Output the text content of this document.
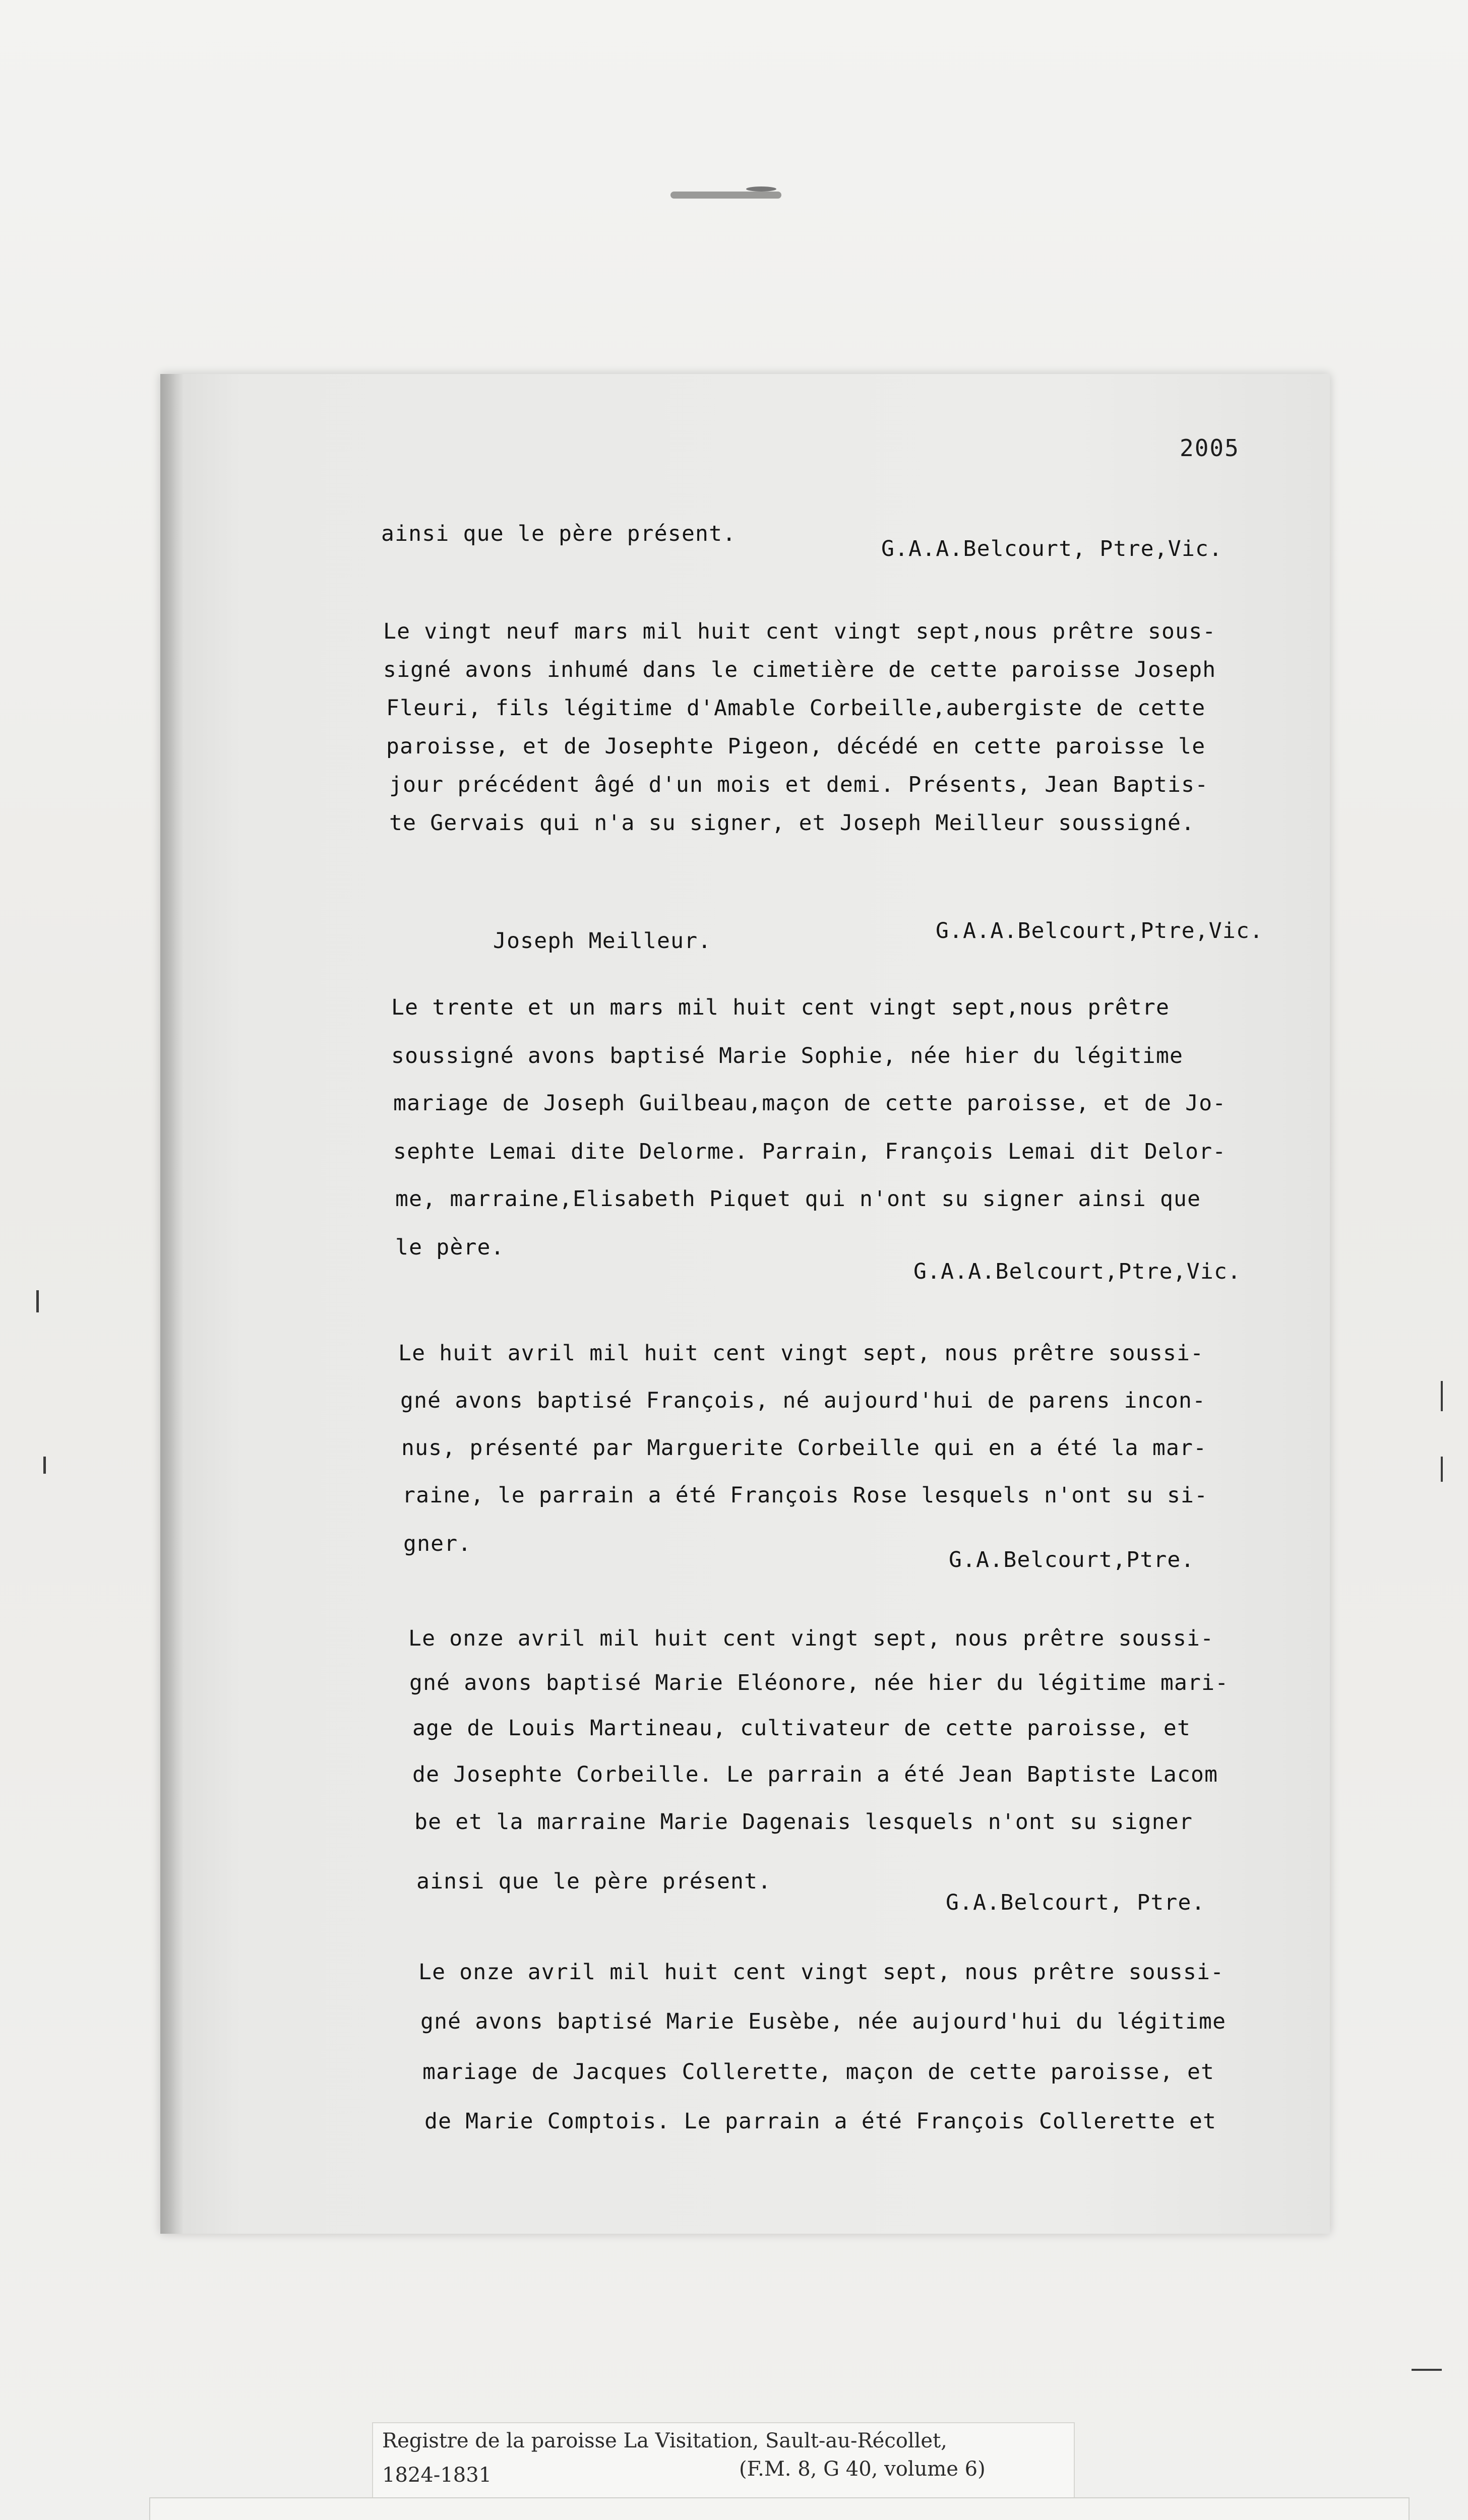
2005
ainsi que le père présent.
G.A.A.Belcourt, Ptre,Vic.
Le vingt neuf mars mil huit cent vingt sept,nous prêtre sous-
signé avons inhumé dans le cimetière de cette paroisse Joseph
Fleuri, fils légitime d'Amable Corbeille,aubergiste de cette
paroisse, et de Josephte Pigeon, décédé en cette paroisse le
jour précédent âgé d'un mois et demi. Présents, Jean Baptis-
te Gervais qui n'a su signer, et Joseph Meilleur soussigné.
Joseph Meilleur.	G.A.A.Belcourt,Ptre,Vic.
Le trente et un mars mil huit cent vingt sept,nous prêtre
soussigné avons baptisé Marie Sophie, née hier du légitime
mariage de Joseph Guilbeau,maçon de cette paroisse, et de Jo-
sephte Lemai dite Delorme. Parrain, François Lemai dit Delor-
me, marraine,Elisabeth Piquet qui n'ont su signer ainsi que
le père.
G.A.A.Belcourt,Ptre,Vic.
Le huit avril mil huit cent vingt sept, nous prêtre soussi-
gné avons baptisé François, né aujourd'hui de parens incon-
nus, présenté par Marguerite Corbeille qui en a été la mar-
raine, le parrain a été François Rose lesquels n'ont su si-
gner.
G.A.Belcourt,Ptre.
Le onze avril mil huit cent vingt sept, nous prêtre soussi-
gné avons baptisé Marie Eléonore, née hier du légitime mari-
age de Louis Martineau, cultivateur de cette paroisse, et
de Josephte Corbeille. Le parrain a été Jean Baptiste Lacom
be et la marraine Marie Dagenais lesquels n'ont su signer
ainsi que le père présent.
G.A.Belcourt, Ptre.
Le onze avril mil huit cent vingt sept, nous prêtre soussi-
gné avons baptisé Marie Eusèbe, née aujourd'hui du légitime
mariage de Jacques Collerette, maçon de cette paroisse, et
de Marie Comptois. Le parrain a été François Collerette et
Registre de la paroisse La Visitation, Sault-au-Récollet,
1824-1831	(F.M. 8, G 40, volume 6)
